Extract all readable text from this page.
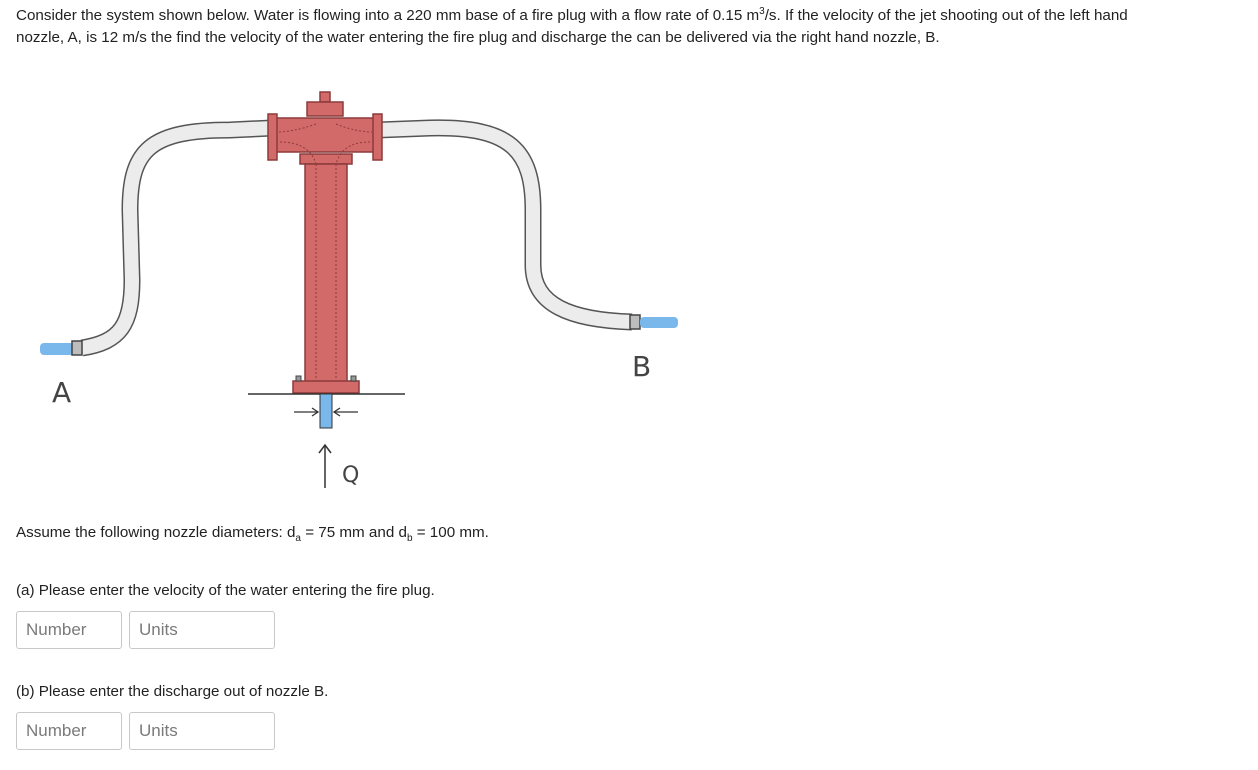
Consider the system shown below. Water is flowing into a 220 mm base of a fire plug with a flow rate of 0.15 $m^3/s$. If the velocity of the jet shooting out of the left hand nozzle, A, is 12 m/s the find the velocity of the water entering the fire plug and discharge the can be delivered via the right hand nozzle, B.

A
B
Q

Assume the following nozzle diameters: $d_a = 75$ mm and $d_b = 100$ mm.

(a) Please enter the velocity of the water entering the fire plug.

Number
Units

(b) Please enter the discharge out of nozzle B.

Number
Units
